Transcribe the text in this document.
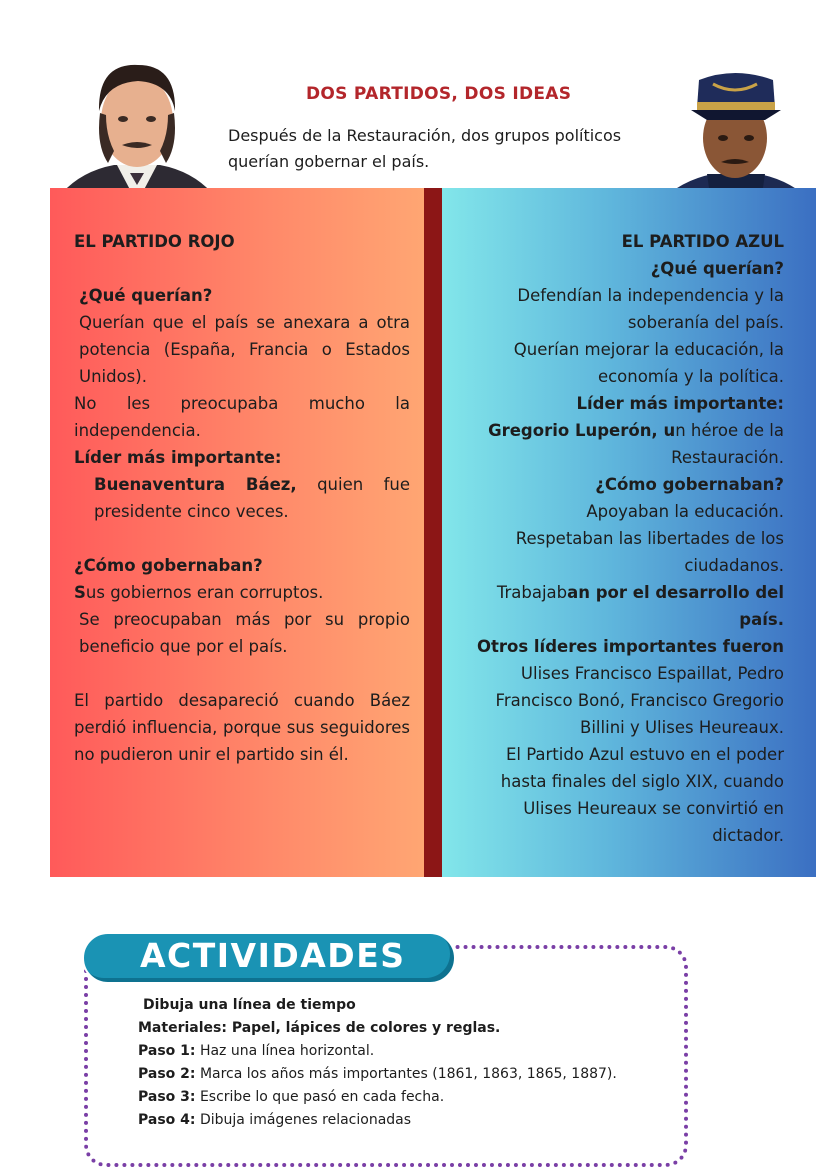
DOS PARTIDOS, DOS IDEAS
Después de la Restauración, dos grupos políticos querían gobernar el país.

EL PARTIDO ROJO

¿Qué querían?

Querían que el país se anexara a otra potencia (España, Francia o Estados Unidos).

No les preocupaba mucho la

independencia.

Líder más importante:

Buenaventura Báez, quien fue presidente cinco veces.

¿Cómo gobernaban?

Sus gobiernos eran corruptos.

Se preocupaban más por su propio beneficio que por el país.

El partido desapareció cuando Báez perdió influencia, porque sus seguidores no pudieron unir el partido sin él.

EL PARTIDO AZUL

¿Qué querían?

Defendían la independencia y la soberanía del país.

Querían mejorar la educación, la economía y la política.

Líder más importante:

Gregorio Luperón, un héroe de la Restauración.

¿Cómo gobernaban?

Apoyaban la educación.

Respetaban las libertades de los ciudadanos.

Trabajaban por el desarrollo del país.

Otros líderes importantes fueron

Ulises Francisco Espaillat, Pedro Francisco Bonó, Francisco Gregorio Billini y Ulises Heureaux.

El Partido Azul estuvo en el poder hasta finales del siglo XIX, cuando Ulises Heureaux se convirtió en dictador.

ACTIVIDADES

Dibuja una línea de tiempo

Materiales: Papel, lápices de colores y reglas.

Paso 1: Haz una línea horizontal.

Paso 2: Marca los años más importantes (1861, 1863, 1865, 1887).

Paso 3: Escribe lo que pasó en cada fecha.

Paso 4: Dibuja imágenes relacionadas
